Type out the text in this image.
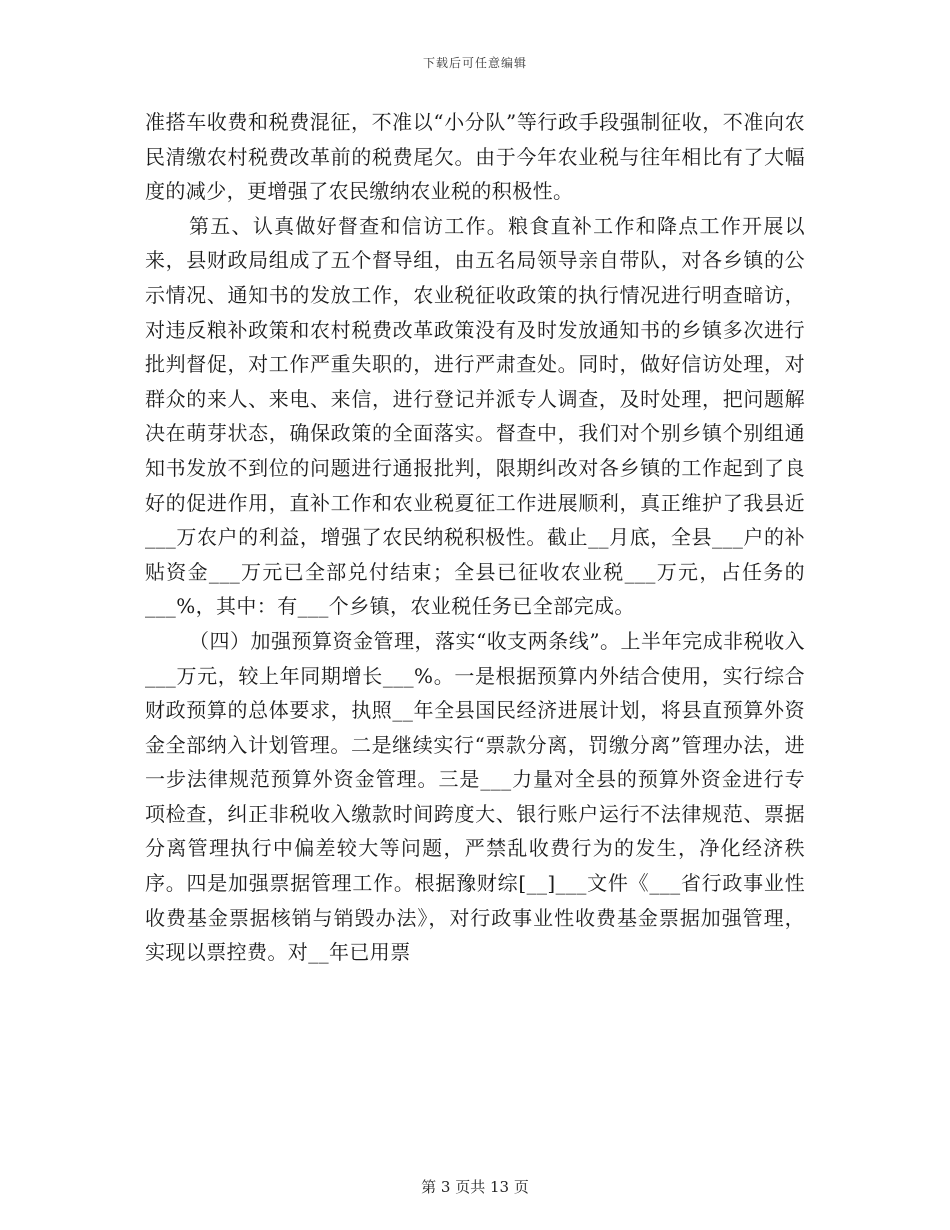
下载后可任意编辑

准搭车收费和税费混征，不准以“小分队”等行政手段强制征收，不准向农民清缴农村税费改革前的税费尾欠。由于今年农业税与往年相比有了大幅度的减少，更增强了农民缴纳农业税的积极性。

第五、认真做好督查和信访工作。粮食直补工作和降点工作开展以来，县财政局组成了五个督导组，由五名局领导亲自带队，对各乡镇的公示情况、通知书的发放工作，农业税征收政策的执行情况进行明查暗访，对违反粮补政策和农村税费改革政策没有及时发放通知书的乡镇多次进行批判督促，对工作严重失职的，进行严肃查处。同时，做好信访处理，对群众的来人、来电、来信，进行登记并派专人调查，及时处理，把问题解决在萌芽状态，确保政策的全面落实。督查中，我们对个别乡镇个别组通知书发放不到位的问题进行通报批判，限期纠改对各乡镇的工作起到了良好的促进作用，直补工作和农业税夏征工作进展顺利，真正维护了我县近___万农户的利益，增强了农民纳税积极性。截止__月底，全县___户的补贴资金___万元已全部兑付结束；全县已征收农业税___万元，占任务的___%，其中：有___个乡镇，农业税任务已全部完成。

（四）加强预算资金管理，落实“收支两条线”。上半年完成非税收入___万元，较上年同期增长___%。一是根据预算内外结合使用，实行综合财政预算的总体要求，执照__年全县国民经济进展计划，将县直预算外资金全部纳入计划管理。二是继续实行“票款分离，罚缴分离”管理办法，进一步法律规范预算外资金管理。三是___力量对全县的预算外资金进行专项检查，纠正非税收入缴款时间跨度大、银行账户运行不法律规范、票据分离管理执行中偏差较大等问题，严禁乱收费行为的发生，净化经济秩序。四是加强票据管理工作。根据豫财综[__]___文件《___省行政事业性收费基金票据核销与销毁办法》，对行政事业性收费基金票据加强管理，实现以票控费。对__年已用票

第 3 页共 13 页
